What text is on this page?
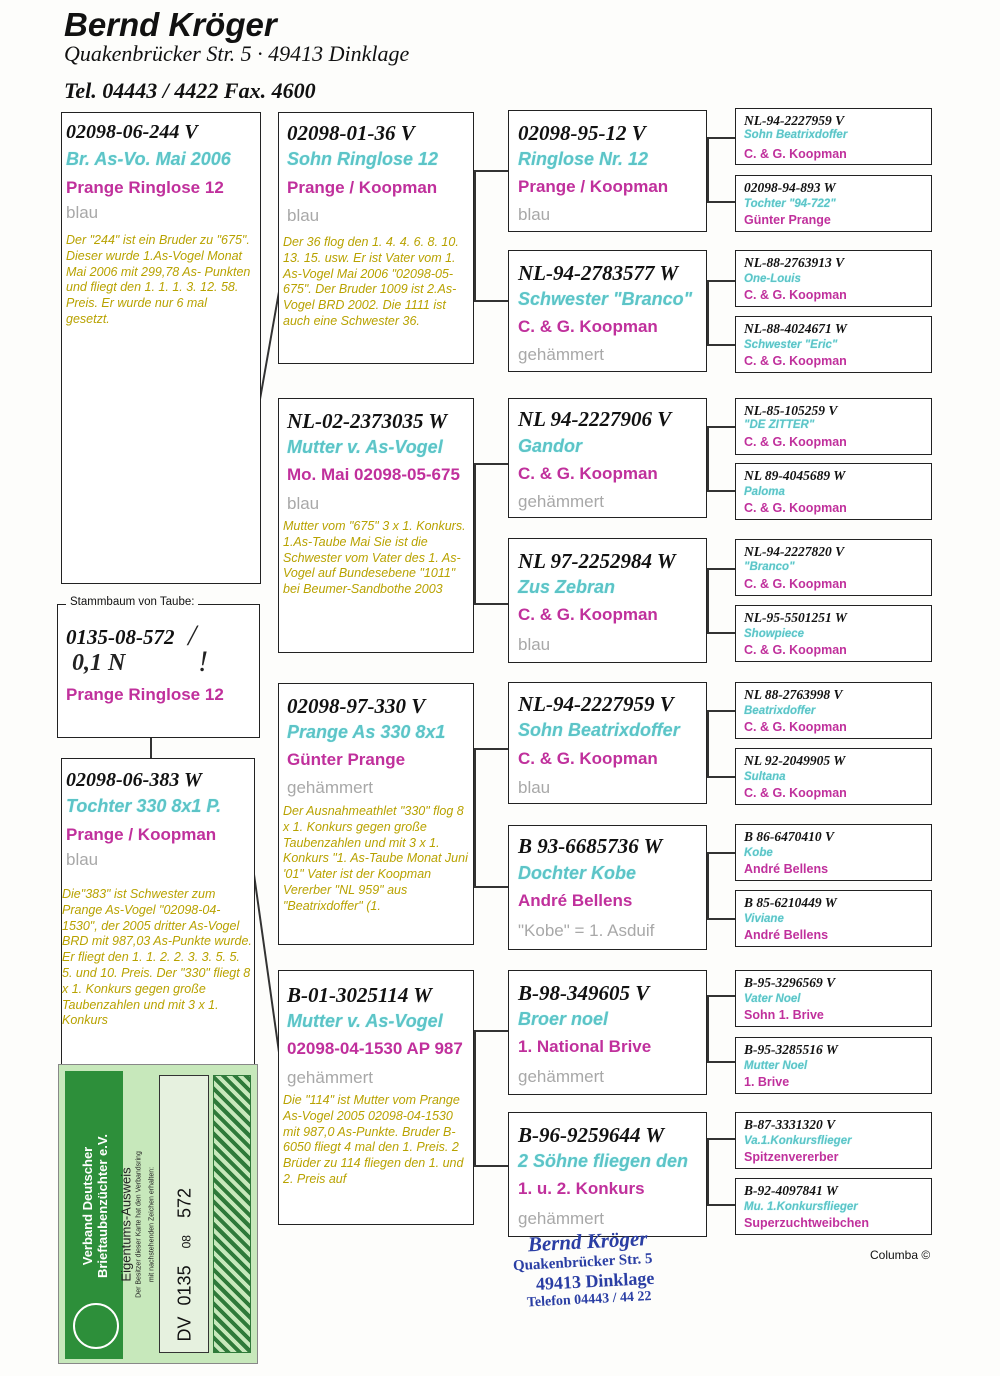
Bernd Kröger
Quakenbrücker Str. 5 · 49413 Dinklage
Tel. 04443 / 4422 Fax. 4600
02098-06-244 V
Br. As-Vo. Mai 2006
Prange Ringlose 12
blau
Der "244" ist ein Bruder zu "675". Dieser wurde 1.As-Vogel Monat Mai 2006 mit 299,78 As- Punkten und fliegt den 1. 1. 1. 3. 12. 58. Preis. Er wurde nur 6 mal gesetzt.
Stammbaum von Taube:
0135-08-572 /
0,1 N !
Prange Ringlose 12
02098-06-383 W
Tochter 330 8x1 P.
Prange / Koopman
blau
Die"383" ist Schwester zum Prange As-Vogel "02098-04-1530", der 2005 dritter As-Vogel BRD mit 987,03 As-Punkte wurde. Er fliegt den 1. 1. 2. 2. 3. 3. 5. 5. 5. und 10. Preis. Der "330" fliegt 8 x 1. Konkurs gegen große Taubenzahlen und mit 3 x 1. Konkurs
02098-01-36 V
Sohn Ringlose 12
Prange / Koopman
blau
Der 36 flog den 1. 4. 4. 6. 8. 10. 13. 15. usw. Er ist Vater vom 1. As-Vogel Mai 2006 "02098-05-675". Der Bruder 1009 ist 2.As-Vogel BRD 2002. Die 1111 ist auch eine Schwester 36.
NL-02-2373035 W
Mutter v. As-Vogel
Mo. Mai 02098-05-675
blau
Mutter vom "675" 3 x 1. Konkurs. 1.As-Taube Mai Sie ist die Schwester vom Vater des 1. As-Vogel auf Bundesebene "1011" bei Beumer-Sandbothe 2003
02098-97-330 V
Prange As 330 8x1
Günter Prange
gehämmert
Der Ausnahmeathlet "330" flog 8 x 1. Konkurs gegen große Taubenzahlen und mit 3 x 1. Konkurs "1. As-Taube Monat Juni '01" Vater ist der Koopman Vererber "NL 959" aus "Beatrixdoffer" (1.
B-01-3025114 W
Mutter v. As-Vogel
02098-04-1530 AP 987
gehämmert
Die "114" ist Mutter vom Prange As-Vogel 2005 02098-04-1530 mit 987,0 As-Punkte. Bruder B-6050 fliegt 4 mal den 1. Preis. 2 Brüder zu 114 fliegen den 1. und 2. Preis auf
02098-95-12 V
Ringlose Nr. 12
Prange / Koopman
blau
NL-94-2783577 W
Schwester "Branco"
C. & G. Koopman
gehämmert
NL 94-2227906 V
Gandor
C. & G. Koopman
gehämmert
NL 97-2252984 W
Zus Zebran
C. & G. Koopman
blau
NL-94-2227959 V
Sohn Beatrixdoffer
C. & G. Koopman
blau
B 93-6685736 W
Dochter Kobe
André Bellens
"Kobe" = 1. Asduif
B-98-349605 V
Broer noel
1. National Brive
gehämmert
B-96-9259644 W
2 Söhne fliegen den
1. u. 2. Konkurs
gehämmert
NL-94-2227959 V
Sohn Beatrixdoffer
C. & G. Koopman
02098-94-893 W
Tochter "94-722"
Günter Prange
NL-88-2763913 V
One-Louis
C. & G. Koopman
NL-88-4024671 W
Schwester "Eric"
C. & G. Koopman
NL-85-105259 V
"DE ZITTER"
C. & G. Koopman
NL 89-4045689 W
Paloma
C. & G. Koopman
NL-94-2227820 V
"Branco"
C. & G. Koopman
NL-95-5501251 W
Showpiece
C. & G. Koopman
NL 88-2763998 V
Beatrixdoffer
C. & G. Koopman
NL 92-2049905 W
Sultana
C. & G. Koopman
B 86-6470410 V
Kobe
André Bellens
B 85-6210449 W
Viviane
André Bellens
B-95-3296569 V
Vater Noel
Sohn 1. Brive
B-95-3285516 W
Mutter Noel
1. Brive
B-87-3331320 V
Va.1.Konkursflieger
Spitzenvererber
B-92-4097841 W
Mu. 1.Konkursflieger
Superzuchtweibchen
Columba ©
Verband Deutscher Brieftaubenzüchter e.V. Eigentums-Ausweis Der Besitzer dieser Karte hat den Verbandsring mit nachstehenden Zeichen erhalten:
DV 0135 08 572
Bernd Kröger
Quakenbrücker Str. 5
49413 Dinklage
Telefon 04443 / 44 22
